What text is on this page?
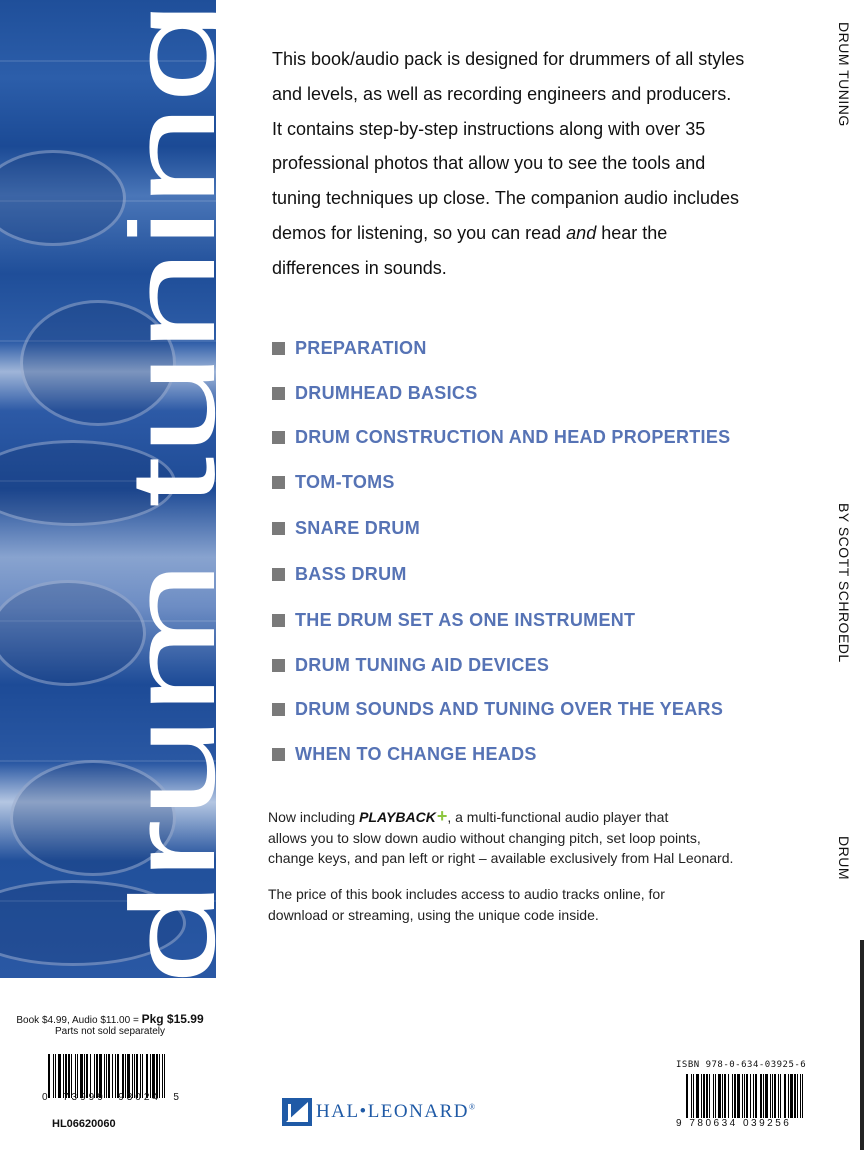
drum tuning
DRUM TUNING
BY SCOTT SCHROEDL
DRUM
This book/audio pack is designed for drummers of all styles
and levels, as well as recording engineers and producers.
It contains step-by-step instructions along with over 35
professional photos that allow you to see the tools and
tuning techniques up close. The companion audio includes
demos for listening, so you can read and hear the
differences in sounds.
PREPARATION
DRUMHEAD BASICS
DRUM CONSTRUCTION AND HEAD PROPERTIES
TOM-TOMS
SNARE DRUM
BASS DRUM
THE DRUM SET AS ONE INSTRUMENT
DRUM TUNING AID DEVICES
DRUM SOUNDS AND TUNING OVER THE YEARS
WHEN TO CHANGE HEADS
Now including PLAYBACK+, a multi-functional audio player that
allows you to slow down audio without changing pitch, set loop points,
change keys, and pan left or right – available exclusively from Hal Leonard.
The price of this book includes access to audio tracks online, for
download or streaming, using the unique code inside.
Book $4.99, Audio $11.00 = Pkg $15.99
Parts not sold separately
0 73999 93024 5
HL06620060
HAL•LEONARD®
ISBN 978-0-634-03925-6
9 780634 039256
